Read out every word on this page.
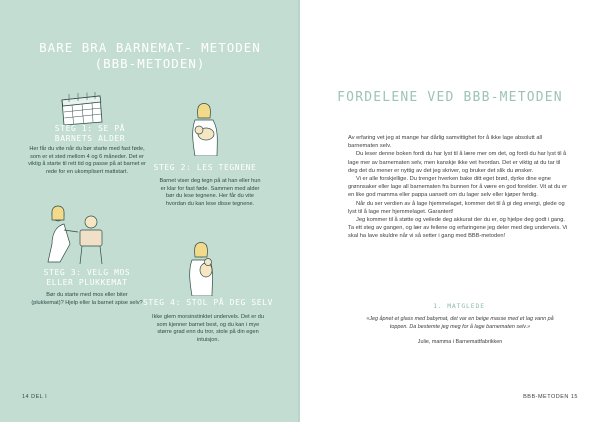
BARE BRA BARNEMAT- METODEN (BBB-METODEN)
STEG 1: SE PÅ BARNETS ALDER
Her får du vite når du bør starte med fast føde, som er et sted mellom 4 og 6 måneder. Det er viktig å starte til rett tid og passe på at barnet er rede for en ukomplisert mattstart.	STEG 2: LES TEGNENE
Barnet viser deg tegn på at han eller hun er klar for fast føde. Sammen med alder bør du lese tegnene. Her får du vite hvordan du kan lese disse tegnene.
STEG 3: VELG MOS ELLER PLUKKEMAT
Bør du starte med mos eller biter (plukkemat)? Hjelp eller la barnet spise selv? STEG 4: STOL PÅ DEG SELV
Ikke glem morsinstinktet undervels. Det er du som kjenner barnet best, og du kan i mye større grad enn du tror, stole på din egen intuisjon.
14 DEL I
FORDELENE VED BBB-METODEN

Av erfaring vet jeg at mange har dårlig samvittighet for å ikke lage absolutt all barnematen selv.

Du leser denne boken fordi du har lyst til å lære mer om det, og fordi du har lyst til å lage mer av barnematen selv, men kanskje ikke vet hvordan. Det er viktig at du tar til deg det du mener er nyttig av det jeg skriver, og bruker det slik du ønsker.

Vi er alle forskjellige. Du trenger hverken bake ditt eget brød, dyrke dine egne grønnsaker eller lage all barnematen fra bunnen for å være en god forelder. Vit at du er en like god mamma eller pappa uansett om du lager selv eller kjøper ferdig.

Når du ser verdien av å lage hjemmelaget, kommer det til å gi deg energi, glede og lyst til å lage mer hjemmelaget. Garantert!

Jeg kommer til å støtte og veilede deg akkurat der du er, og hjelpe deg godt i gang. Ta ett steg av gangen, og lær av feilene og erfaringene jeg deler med deg underveis. Vi skal ha lave skuldre når vi så setter i gang med BBB-metoden!

1. MATGLEDE
«Jeg åpnet et glass med babymat, det var en beige masse med et lag vann på toppen. Da bestemte jeg meg for å lage barnematen selv.»
Julie, mamma i Barnemattfabrikken
BBB-METODEN 15
